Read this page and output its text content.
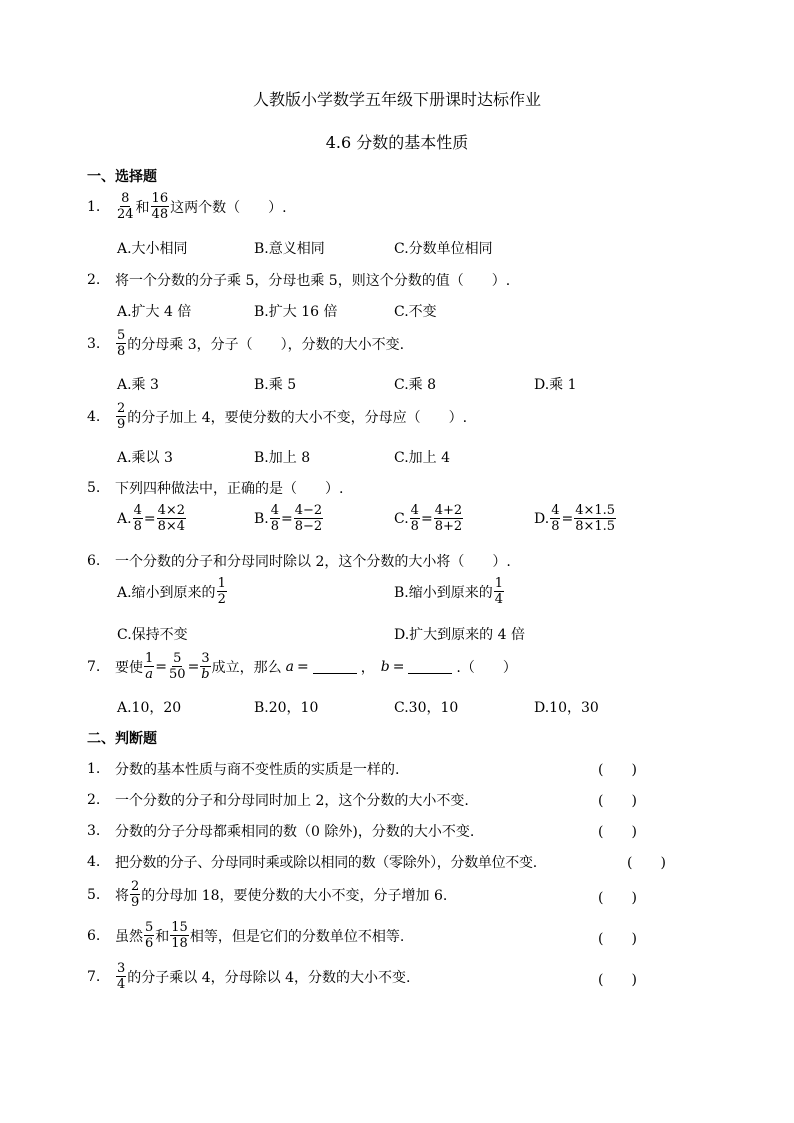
人教版小学数学五年级下册课时达标作业
4.6 分数的基本性质
一、选择题
1.	$\frac{8}{24}$ 和 $\frac{16}{48}$ 这两个数（　　）.
A.大小相同	B.意义相同	C.分数单位相同
2.	将一个分数的分子乘 5，分母也乘 5，则这个分数的值（　　）.
A.扩大 4 倍	B.扩大 16 倍	C.不变
3.	$\frac{5}{8}$ 的分母乘 3，分子（　　），分数的大小不变.
A.乘 3	B.乘 5	C.乘 8	D.乘 1
4.	$\frac{2}{9}$ 的分子加上 4，要使分数的大小不变，分母应（　　）.
A.乘以 3	B.加上 8	C.加上 4
5.	下列四种做法中，正确的是（　　）.
A. $\frac{4}{8} = \frac{4\times 2}{8\times 4}$	B. $\frac{4}{8} = \frac{4-2}{8-2}$	C. $\frac{4}{8} = \frac{4+2}{8+2}$	D. $\frac{4}{8} = \frac{4\times 1.5}{8\times 1.5}$
6.	一个分数的分子和分母同时除以 2，这个分数的大小将（　　）.
A.缩小到原来的 $\frac{1}{2}$	B.缩小到原来的 $\frac{1}{4}$
C.保持不变	D.扩大到原来的 4 倍
7.	要使 $\frac{1}{a} = \frac{5}{50} = \frac{3}{b}$ 成立，那么 a =	， b =	.（　　）
A.10，20	B.20，10	C.30，10	D.10，30
二、判断题
1.	分数的基本性质与商不变性质的实质是一样的.	(　　)
2.	一个分数的分子和分母同时加上 2，这个分数的大小不变.	(　　)
3.	分数的分子分母都乘相同的数（0 除外)，分数的大小不变.	(　　)
4.	把分数的分子、分母同时乘或除以相同的数（零除外），分数单位不变.	(　　)
5.	将 $\frac{2}{9}$ 的分母加 18，要使分数的大小不变，分子增加 6.	(　　)
6.	虽然 $\frac{5}{6}$ 和 $\frac{15}{18}$ 相等，但是它们的分数单位不相等.	(　　)
7.	$\frac{3}{4}$ 的分子乘以 4，分母除以 4，分数的大小不变.	(　　)
